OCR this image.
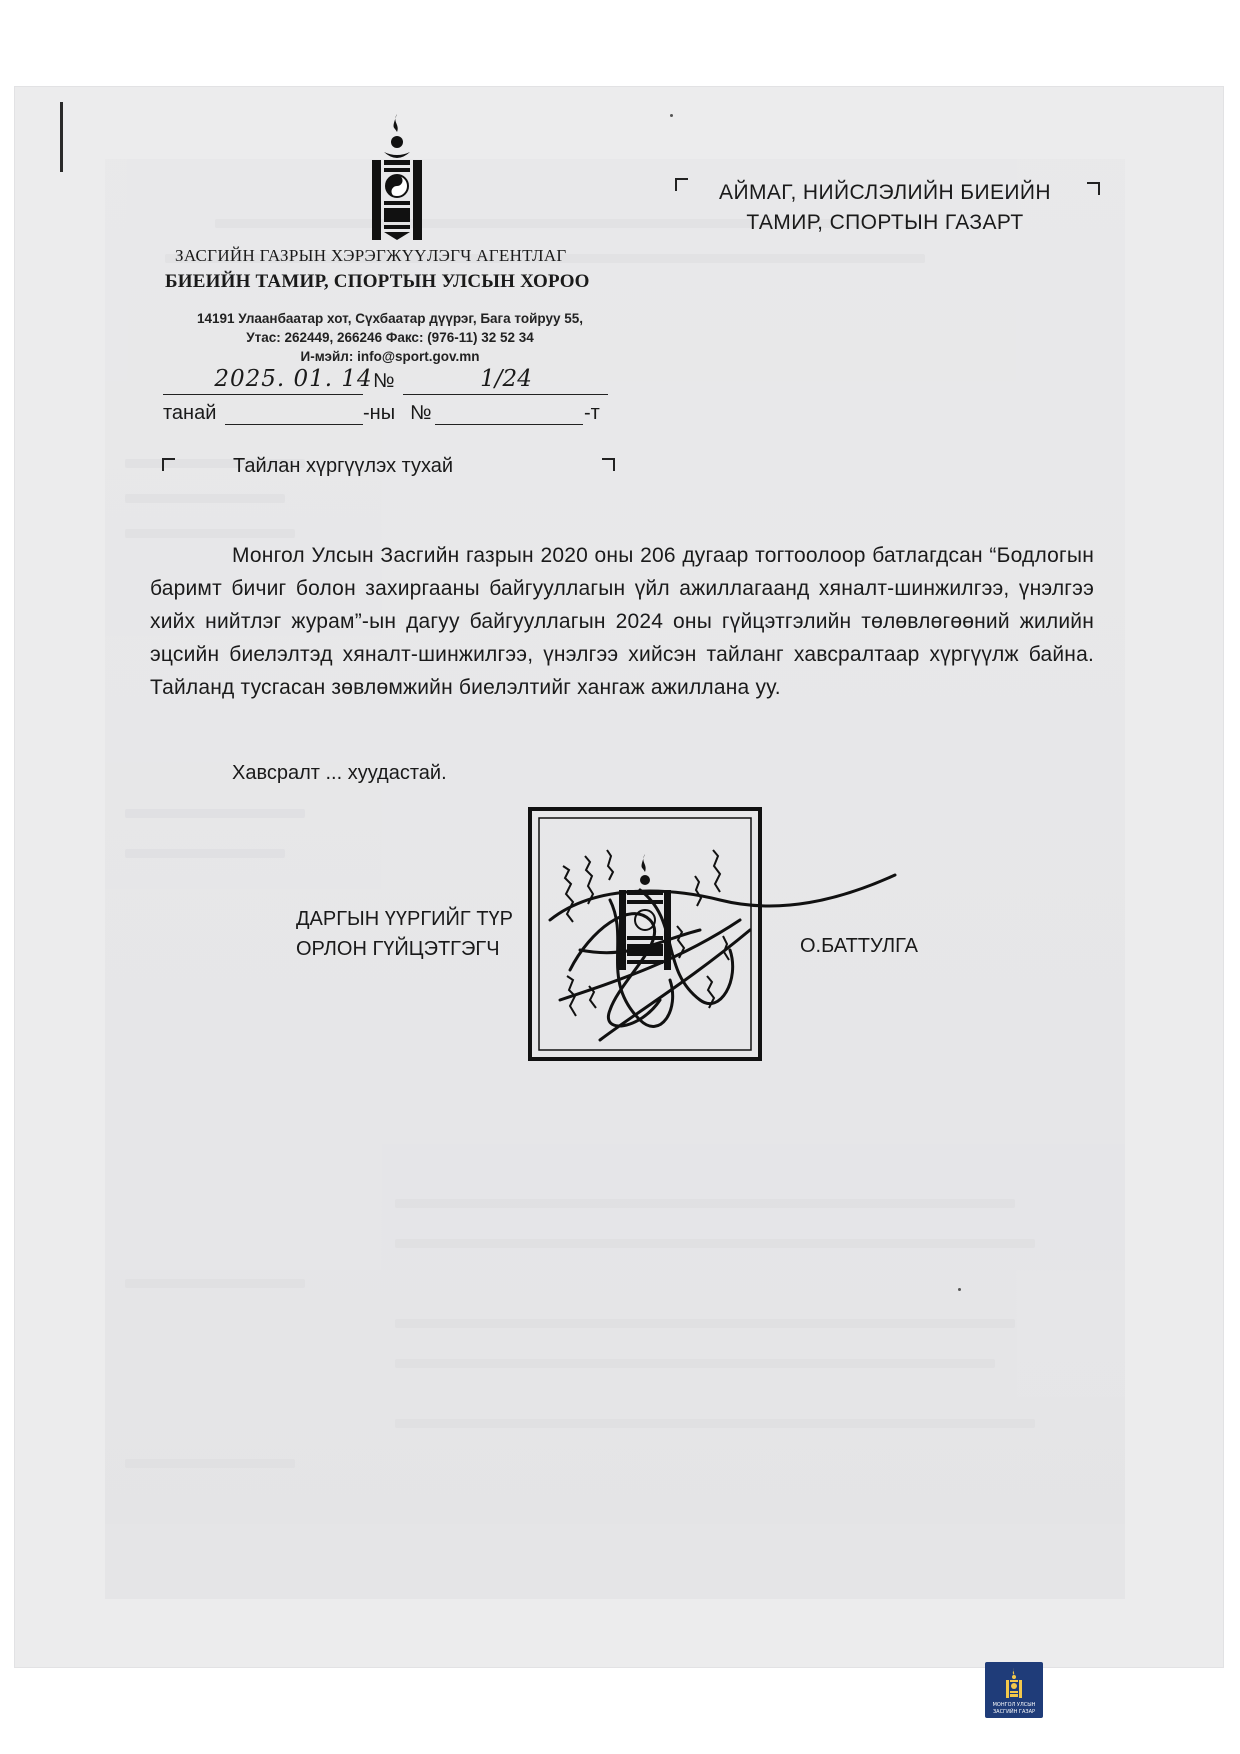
ЗАСГИЙН ГАЗРЫН ХЭРЭГЖҮҮЛЭГЧ АГЕНТЛАГ
БИЕИЙН ТАМИР, СПОРТЫН УЛСЫН ХОРОО
14191 Улаанбаатар хот, Сүхбаатар дүүрэг, Бага тойруу 55,
Утас: 262449, 266246 Факс: (976-11) 32 52 34
И-мэйл: info@sport.gov.mn
АЙМАГ, НИЙСЛЭЛИЙН БИЕИЙН
ТАМИР, СПОРТЫН ГАЗАРТ
2025. 01. 14 №	1/24
танай	-ны №	-т
Тайлан хүргүүлэх тухай
Монгол Улсын Засгийн газрын 2020 оны 206 дугаар тогтоолоор батлагдсан “Бодлогын баримт бичиг болон захиргааны байгууллагын үйл ажиллагаанд хяналт-шинжилгээ, үнэлгээ хийх нийтлэг журам”-ын дагуу байгууллагын 2024 оны гүйцэтгэлийн төлөвлөгөөний жилийн эцсийн биелэлтэд хяналт-шинжилгээ, үнэлгээ хийсэн тайланг хавсралтаар хүргүүлж байна. Тайланд тусгасан зөвлөмжийн биелэлтийг хангаж ажиллана уу.
Хавсралт ... хуудастай.
ДАРГЫН ҮҮРГИЙГ ТҮР
ОРЛОН ГҮЙЦЭТГЭГЧ	О.БАТТУЛГА
МОНГОЛ УЛСЫН
ЗАСГИЙН ГАЗАР
